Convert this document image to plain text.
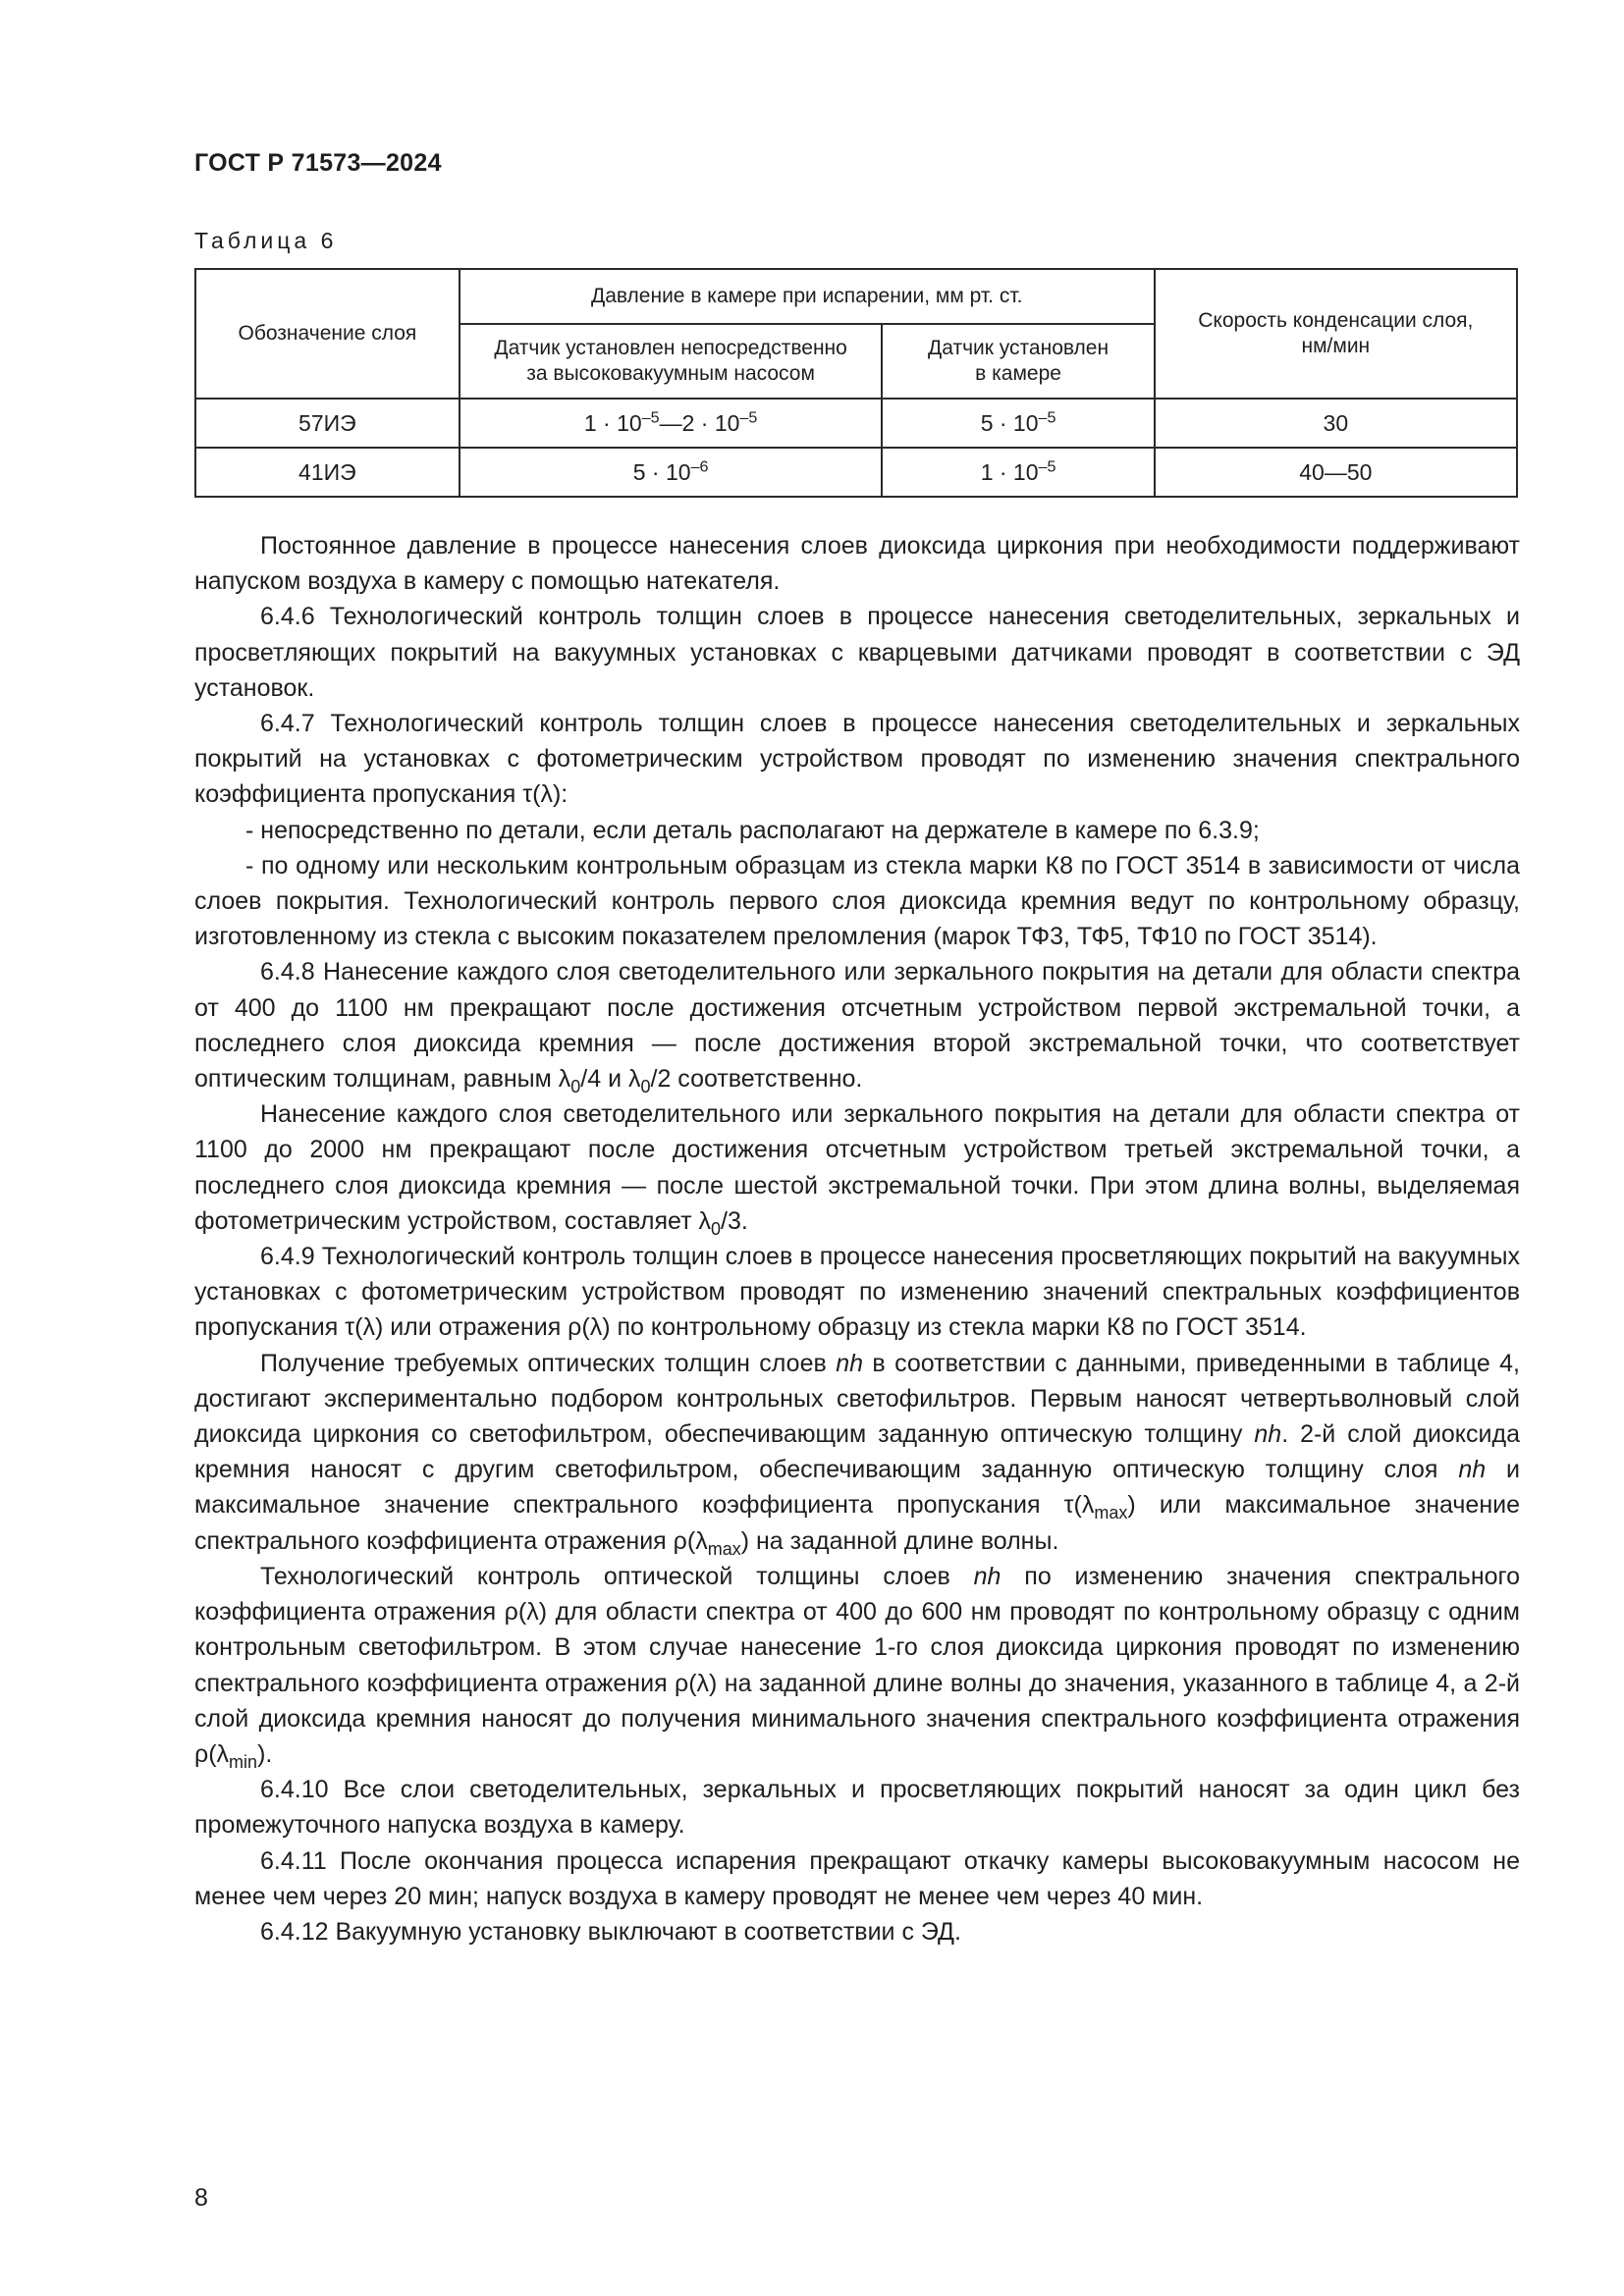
ГОСТ Р 71573—2024
Таблица 6
Обозначение слоя	Давление в камере при испарении, мм рт. ст.		Скорость конденсации слоя,
нм/мин
	Датчик установлен непосредственно
за высоковакуумным насосом	Датчик установлен
в камере	
57ИЭ	$1 \cdot 10^{-5}—2 \cdot 10^{-5}$	$5 \cdot 10^{-5}$	30
41ИЭ	$5 \cdot 10^{-6}$	$1 \cdot 10^{-5}$	40—50

Постоянное давление в процессе нанесения слоев диоксида циркония при необходимости поддерживают напуском воздуха в камеру с помощью натекателя.

6.4.6 Технологический контроль толщин слоев в процессе нанесения светоделительных, зеркальных и просветляющих покрытий на вакуумных установках с кварцевыми датчиками проводят в соответствии с ЭД установок.

6.4.7 Технологический контроль толщин слоев в процессе нанесения светоделительных и зеркальных покрытий на установках с фотометрическим устройством проводят по изменению значения спектрального коэффициента пропускания τ(λ):

- непосредственно по детали, если деталь располагают на держателе в камере по 6.3.9;

- по одному или нескольким контрольным образцам из стекла марки К8 по ГОСТ 3514 в зависимости от числа слоев покрытия. Технологический контроль первого слоя диоксида кремния ведут по контрольному образцу, изготовленному из стекла с высоким показателем преломления (марок ТФ3, ТФ5, ТФ10 по ГОСТ 3514).

6.4.8 Нанесение каждого слоя светоделительного или зеркального покрытия на детали для области спектра от 400 до 1100 нм прекращают после достижения отсчетным устройством первой экстремальной точки, а последнего слоя диоксида кремния — после достижения второй экстремальной точки, что соответствует оптическим толщинам, равным $\lambda_0/4$ и $\lambda_0/2$ соответственно.

Нанесение каждого слоя светоделительного или зеркального покрытия на детали для области спектра от 1100 до 2000 нм прекращают после достижения отсчетным устройством третьей экстремальной точки, а последнего слоя диоксида кремния — после шестой экстремальной точки. При этом длина волны, выделяемая фотометрическим устройством, составляет $\lambda_0/3$.

6.4.9 Технологический контроль толщин слоев в процессе нанесения просветляющих покрытий на вакуумных установках с фотометрическим устройством проводят по изменению значений спектральных коэффициентов пропускания τ(λ) или отражения ρ(λ) по контрольному образцу из стекла марки К8 по ГОСТ 3514.

Получение требуемых оптических толщин слоев nh в соответствии с данными, приведенными в таблице 4, достигают экспериментально подбором контрольных светофильтров. Первым наносят четвертьволновый слой диоксида циркония со светофильтром, обеспечивающим заданную оптическую толщину nh. 2-й слой диоксида кремния наносят с другим светофильтром, обеспечивающим заданную оптическую толщину слоя nh и максимальное значение спектрального коэффициента пропускания $\tau(\lambda_{max})$ или максимальное значение спектрального коэффициента отражения $\rho(\lambda_{max})$ на заданной длине волны.

Технологический контроль оптической толщины слоев nh по изменению значения спектрального коэффициента отражения ρ(λ) для области спектра от 400 до 600 нм проводят по контрольному образцу с одним контрольным светофильтром. В этом случае нанесение 1-го слоя диоксида циркония проводят по изменению спектрального коэффициента отражения ρ(λ) на заданной длине волны до значения, указанного в таблице 4, а 2-й слой диоксида кремния наносят до получения минимального значения спектрального коэффициента отражения $\rho(\lambda_{min})$.

6.4.10 Все слои светоделительных, зеркальных и просветляющих покрытий наносят за один цикл без промежуточного напуска воздуха в камеру.

6.4.11 После окончания процесса испарения прекращают откачку камеры высоковакуумным насосом не менее чем через 20 мин; напуск воздуха в камеру проводят не менее чем через 40 мин.

6.4.12 Вакуумную установку выключают в соответствии с ЭД.

8
